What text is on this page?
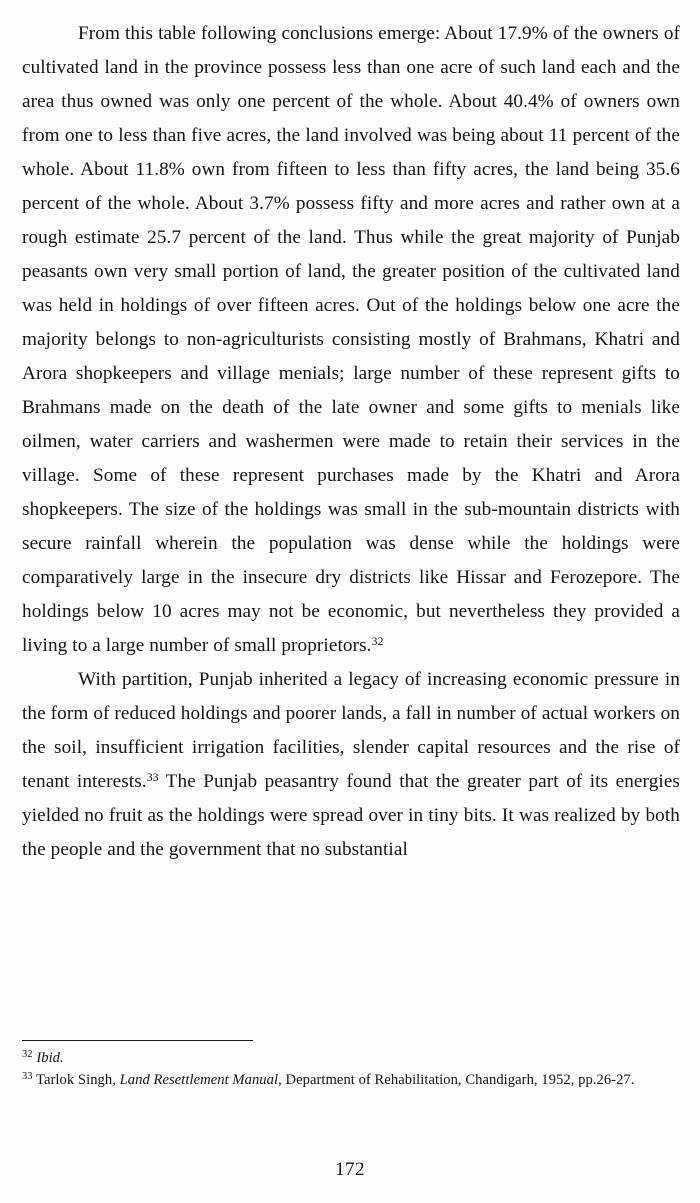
From this table following conclusions emerge: About 17.9% of the owners of cultivated land in the province possess less than one acre of such land each and the area thus owned was only one percent of the whole. About 40.4% of owners own from one to less than five acres, the land involved was being about 11 percent of the whole. About 11.8% own from fifteen to less than fifty acres, the land being 35.6 percent of the whole. About 3.7% possess fifty and more acres and rather own at a rough estimate 25.7 percent of the land. Thus while the great majority of Punjab peasants own very small portion of land, the greater position of the cultivated land was held in holdings of over fifteen acres. Out of the holdings below one acre the majority belongs to non-agriculturists consisting mostly of Brahmans, Khatri and Arora shopkeepers and village menials; large number of these represent gifts to Brahmans made on the death of the late owner and some gifts to menials like oilmen, water carriers and washermen were made to retain their services in the village. Some of these represent purchases made by the Khatri and Arora shopkeepers. The size of the holdings was small in the sub-mountain districts with secure rainfall wherein the population was dense while the holdings were comparatively large in the insecure dry districts like Hissar and Ferozepore. The holdings below 10 acres may not be economic, but nevertheless they provided a living to a large number of small proprietors.$^{32}$

With partition, Punjab inherited a legacy of increasing economic pressure in the form of reduced holdings and poorer lands, a fall in number of actual workers on the soil, insufficient irrigation facilities, slender capital resources and the rise of tenant interests.$^{33}$ The Punjab peasantry found that the greater part of its energies yielded no fruit as the holdings were spread over in tiny bits. It was realized by both the people and the government that no substantial

$^{32}$ Ibid.

$^{33}$ Tarlok Singh, Land Resettlement Manual, Department of Rehabilitation, Chandigarh, 1952, pp.26-27.

172
